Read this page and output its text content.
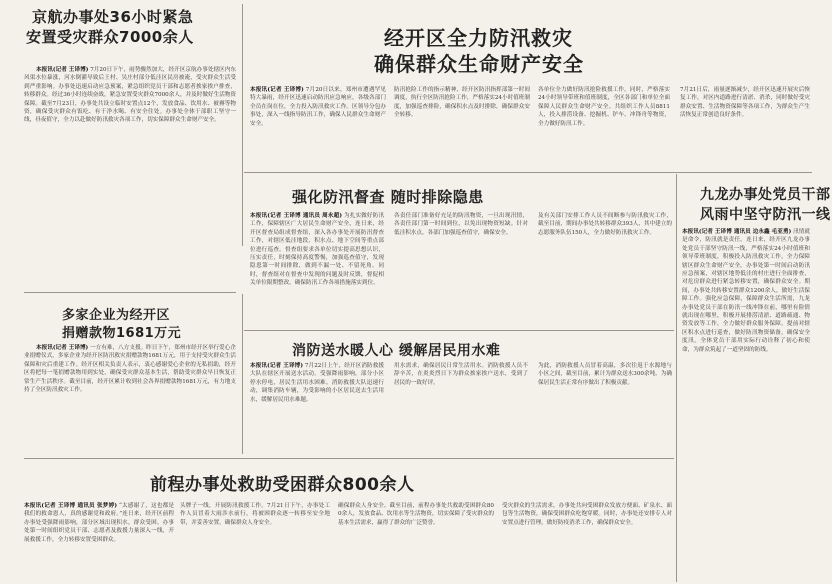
京航办事处36小时紧急
安置受灾群众7000余人
本报讯(记者 王译博) 7月20日下午，雨势骤然加大，经开区京航办事处辖区内东风渠水位暴涨，河水倒灌导致后王村、吴庄村部分低洼区民房被淹，受灾群众生活受到严重影响。办事处迅速启动应急预案，紧急组织党员干部和志愿者挨家挨户排查，转移群众。经过36小时连续奋战，紧急安置受灾群众7000余人，并及时做好生活物资保障。截至7月23日，办事处共设立临时安置点12个，发放食品、饮用水、被褥等物资，确保受灾群众有饭吃、有干净水喝、有安全住处。办事处全体干部职工坚守一线，昼夜值守，全力以赴做好防汛救灾各项工作，切实保障群众生命财产安全。
经开区全力防汛救灾
确保群众生命财产安全
本报讯(记者 王译博) 7月20日以来，郑州市遭遇罕见特大暴雨，经开区迅速启动防汛应急响应，各级各部门全员在岗在位，全力投入防汛救灾工作。区领导分包办事处，深入一线指导防汛工作，确保人民群众生命财产安全。
防汛抢险工作的指示精神，经开区防汛指挥部第一时间调度，执行全区防汛抢险工作，严格落实24小时值班制度，加强巡查排险，确保积水点及时排除，确保群众安全转移。
各单位全力做好防汛抢险救援工作，同时，严格落实24小时领导带班和值班制度，全区各部门和单位全面保障人民群众生命财产安全。共组织工作人员8811人，投入排涝设备、挖掘机、铲车、冲锋舟等物资，全力做好防汛工作。
7月21日后，雨量逐渐减少，经开区迅速开展灾后恢复工作，对区内道路进行清淤、消杀，同时做好受灾群众安置、生活物资保障等各项工作，为群众生产生活恢复正常创造良好条件。
强化防汛督查 随时排除隐患
本报讯(记者 王译博 通讯员 周永超) 为扎实做好防汛工作，保障辖区广大居民生命财产安全，连日来，经开区督查局组成督查组，深入各办事处开展防汛督查工作，对辖区低洼地段、积水点、地下空间等重点部位进行巡查。督查组要求各单位切实提高思想认识，压实责任，时刻保持高度警惕，加强巡查值守，发现隐患第一时间排除，做到不漏一处、不留死角。同时，督查组对在督查中发现的问题及时反馈，督促相关单位限期整改，确保防汛工作各项措施落实到位。
各责任部门准备好充足的防汛物资，一旦出现汛情，各责任部门第一时间到位，以免出现物资短缺。针对低洼积水点，各部门加强巡查值守，确保安全。
及有关部门安排工作人员不间断参与防汛救灾工作，截至目前，期间办事处共转移群众393人，其中建立的志愿服务队伍150人，全力做好防汛救灾工作。
九龙办事处党员干部
风雨中坚守防汛一线
本报讯(记者 王译博 通讯员 边永鑫 毛亚勇) 汛情就是命令，防汛就是责任。连日来，经开区九龙办事处党员干部坚守防汛一线，严格落实24小时值班和领导带班制度，积极投入防汛救灾工作，全力保障辖区群众生命财产安全。办事处第一时间启动防汛应急预案，对辖区地势低洼的村庄进行全面排查，对危房群众进行紧急转移安置，确保群众安全。期间，办事处共转移安置群众1200余人，做好生活保障工作。强化应急保障，保障群众生活所需，九龙办事处党员干部在防汛一线冲锋在前，哪里有险情就出现在哪里，积极开展排涝清淤、道路疏通、物资发放等工作，全力做好群众服务保障。提前对辖区积水点进行巡查，做好防汛物资储备，确保安全度汛。全体党员干部用实际行动诠释了初心和使命，为群众筑起了一道坚固的防线。
多家企业为经开区
捐赠款物1681万元
本报讯(记者 王译博) 一方有难，八方支援。昨日下午，郑州市经开区举行爱心企业捐赠仪式，多家企业为经开区防汛救灾捐赠款物1681万元，用于支持受灾群众生活保障和灾后重建工作。经开区相关负责人表示，衷心感谢爱心企业的无私捐助，经开区将把每一笔捐赠款物用到实处，确保受灾群众基本生活，帮助受灾群众早日恢复正常生产生活秩序。截至目前，经开区累计收到社会各界捐赠款物1681万元，有力地支持了全区防汛救灾工作。
消防送水暖人心 缓解居民用水难
本报讯(记者 王译博) 7月22日上午，经开区消防救援大队在辖区开展送水活动。受强降雨影响，部分小区停水停电，居民生活用水困难。消防救援大队迅速行动，调集消防车辆，为受影响的小区居民送去生活用水，缓解居民用水难题。
用水需求，确保居民日常生活用水。消防救援人员不辞辛苦，在炎炎烈日下为群众挨家挨户送水，受到了居民的一致好评。
为此，消防救援人员冒着高温，多次往返于水源地与小区之间，截至目前，累计为群众送水300余吨，为确保居民生活正常有序做出了积极贡献。
前程办事处救助受困群众800余人
本报讯(记者 王译博 通讯员 张梦婷) “太感谢了，这也都是我们的救命恩人，真的感谢党和政府。”连日来，经开区前程办事处受强降雨影响，部分区域出现积水，群众受困。办事处第一时间组织党员干部、志愿者及救援力量深入一线，开展救援工作，全力转移安置受困群众。
头牌子一线，开展防汛救援工作。7月21日下午，办事处工作人员冒着大雨涉水前行，将被困群众逐一转移至安全地带，并妥善安置，确保群众人身安全。
确保群众人身安全。截至目前，前程办事处共救助受困群众800余人，发放食品、饮用水等生活物资，切实保障了受灾群众的基本生活需求，赢得了群众的广泛赞誉。
受灾群众的生活需求，办事处共向受困群众发放方便面、矿泉水、面包等生活物资，确保受困群众吃饱穿暖。同时，办事处还安排专人对安置点进行管理，做好防疫消杀工作，确保群众安全。
